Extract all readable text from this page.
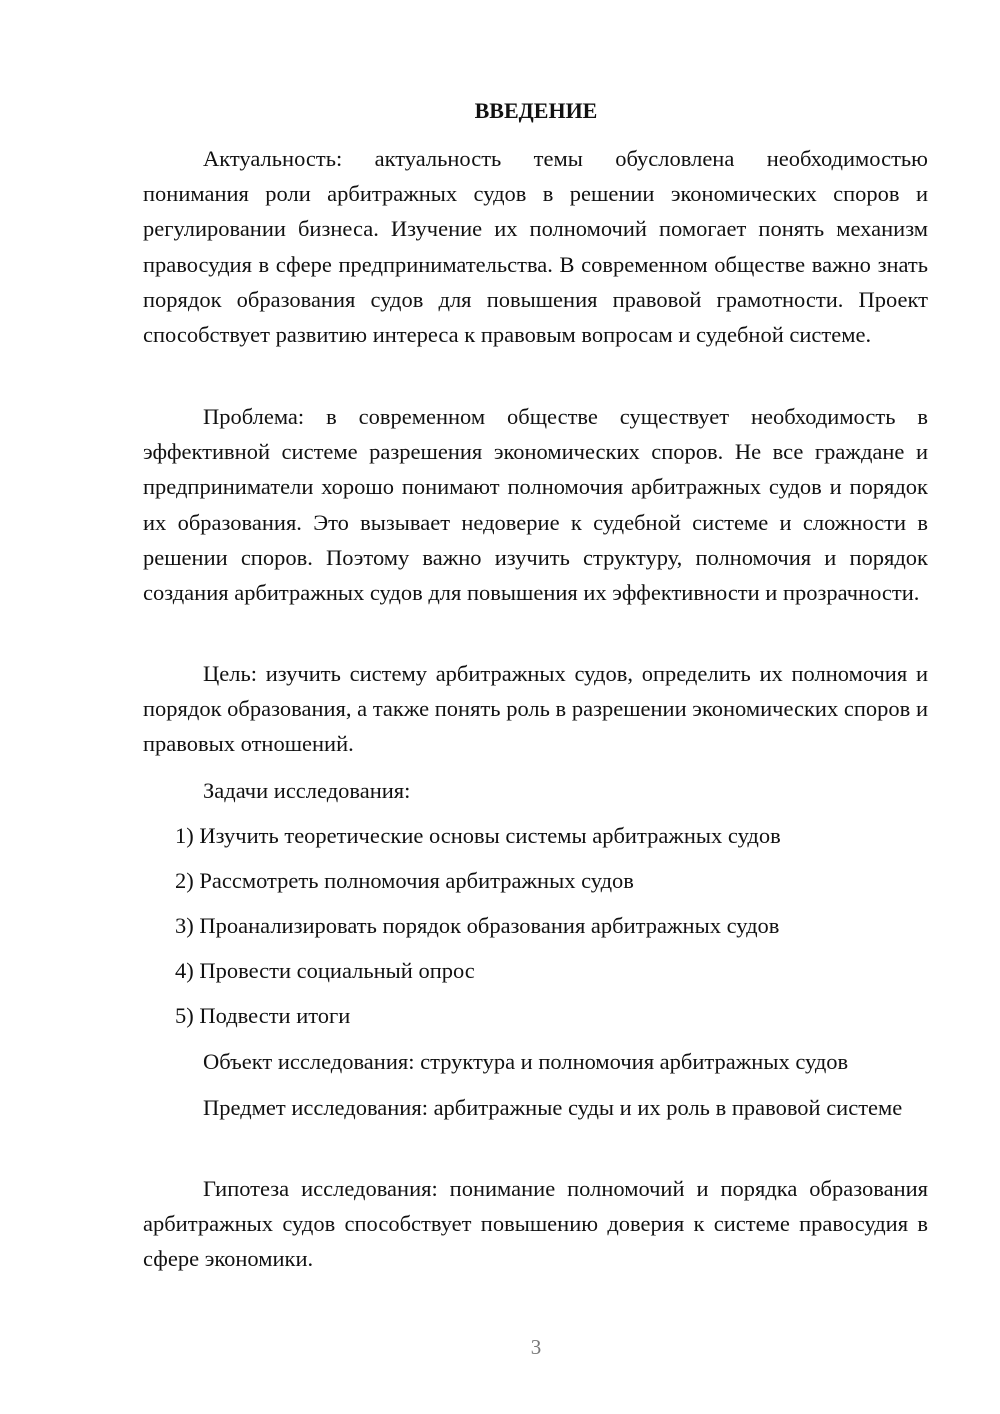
ВВЕДЕНИЕ

Актуальность: актуальность темы обусловлена необходимостью понимания роли арбитражных судов в решении экономических споров и регулировании бизнеса. Изучение их полномочий помогает понять механизм правосудия в сфере предпринимательства. В современном обществе важно знать порядок образования судов для повышения правовой грамотности. Проект способствует развитию интереса к правовым вопросам и судебной системе.

Проблема: в современном обществе существует необходимость в эффективной системе разрешения экономических споров. Не все граждане и предприниматели хорошо понимают полномочия арбитражных судов и порядок их образования. Это вызывает недоверие к судебной системе и сложности в решении споров. Поэтому важно изучить структуру, полномочия и порядок создания арбитражных судов для повышения их эффективности и прозрачности.

Цель: изучить систему арбитражных судов, определить их полномочия и порядок образования, а также понять роль в разрешении экономических споров и правовых отношений.

Задачи исследования:

1) Изучить теоретические основы системы арбитражных судов

2) Рассмотреть полномочия арбитражных судов

3) Проанализировать порядок образования арбитражных судов

4) Провести социальный опрос

5) Подвести итоги

Объект исследования: структура и полномочия арбитражных судов

Предмет исследования: арбитражные суды и их роль в правовой системе

Гипотеза исследования: понимание полномочий и порядка образования арбитражных судов способствует повышению доверия к системе правосудия в сфере экономики.

3
